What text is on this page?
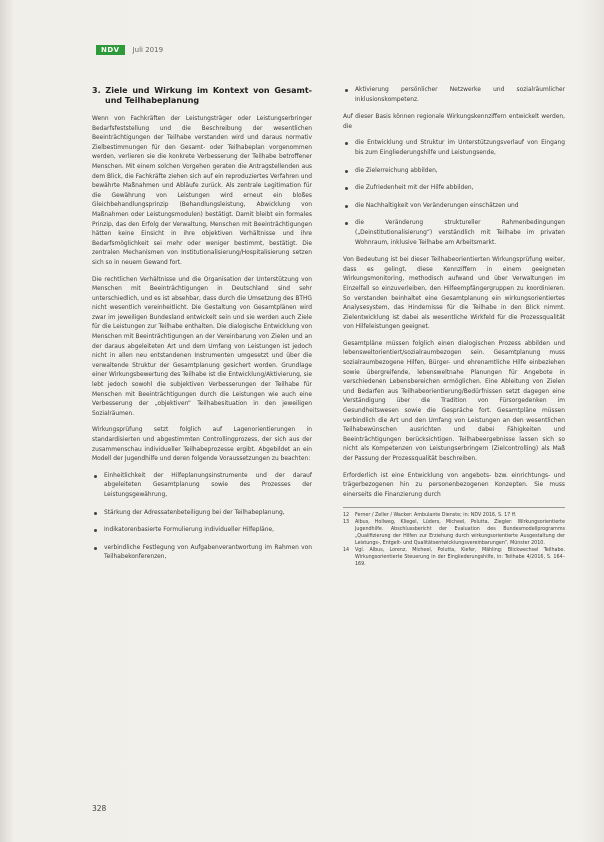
NDV	Juli 2019
3. Ziele und Wirkung im Kontext von Gesamt- und Teilhabeplanung

Wenn von Fachkräften der Leistungsträger oder Leistungserbringer Bedarfsfeststellung und die Beschreibung der wesentlichen Beeinträchtigungen der Teilhabe verstanden wird und daraus normativ Zielbestimmungen für den Gesamt- oder Teilhabeplan vorgenommen werden, verlieren sie die konkrete Verbesserung der Teilhabe betroffener Menschen. Mit einem solchen Vorgehen geraten die Antragstellenden aus dem Blick, die Fachkräfte ziehen sich auf ein reproduziertes Verfahren und bewährte Maßnahmen und Abläufe zurück. Als zentrale Legitimation für die Gewährung von Leistungen wird erneut ein bloßes Gleichbehandlungsprinzip (Behandlungsleistung, Abwicklung von Maßnahmen oder Leistungsmodulen) bestätigt. Damit bleibt ein formales Prinzip, das den Erfolg der Verwaltung, Menschen mit Beeinträchtigungen hätten keine Einsicht in ihre objektiven Verhältnisse und ihre Bedarfsmöglichkeit sei mehr oder weniger bestimmt, bestätigt. Die zentralen Mechanismen von Institutionalisierung/Hospitalisierung setzen sich so in neuem Gewand fort.

Die rechtlichen Verhältnisse und die Organisation der Unterstützung von Menschen mit Beeinträchtigungen in Deutschland sind sehr unterschiedlich, und es ist absehbar, dass durch die Umsetzung des BTHG nicht wesentlich vereinheitlicht. Die Gestaltung von Gesamtplänen wird zwar im jeweiligen Bundesland entwickelt sein und sie werden auch Ziele für die Leistungen zur Teilhabe enthalten. Die dialogische Entwicklung von Menschen mit Beeinträchtigungen an der Vereinbarung von Zielen und an der daraus abgeleiteten Art und dem Umfang von Leistungen ist jedoch nicht in allen neu entstandenen Instrumenten umgesetzt und über die verwaltende Struktur der Gesamtplanung gesichert worden. Grundlage einer Wirkungsbewertung des Teilhabe ist die Entwicklung/Aktivierung, sie lebt jedoch sowohl die subjektiven Verbesserungen der Teilhabe für Menschen mit Beeinträchtigungen durch die Leistungen wie auch eine Verbesserung der „objektiven“ Teilhabesituation in den jeweiligen Sozialräumen.

Wirkungsprüfung setzt folglich auf Lagenorientierungen in standardisierten und abgestimmten Controllingprozess, der sich aus der zusammenschau individueller Teilhabeprozesse ergibt. Abgebildet an ein Modell der Jugendhilfe und deren folgende Voraussetzungen zu beachten:

Einheitlichkeit der Hilfeplanungsinstrumente und der darauf abgeleiteten Gesamtplanung sowie des Prozesses der Leistungsgewährung,
Stärkung der Adressatenbeteiligung bei der Teilhabeplanung,
Indikatorenbasierte Formulierung individueller Hilfepläne,
verbindliche Festlegung von Aufgabenverantwortung im Rahmen von Teilhabekonferenzen,
Aktivierung persönlicher Netzwerke und sozialräumlicher Inklusionskompetenz.

Auf dieser Basis können regionale Wirkungskennziffern entwickelt werden, die

die Entwicklung und Struktur im Unterstützungsverlauf von Eingang bis zum Eingliederungshilfe und Leistungsende,
die Zielerreichung abbilden,
die Zufriedenheit mit der Hilfe abbilden,
die Nachhaltigkeit von Veränderungen einschätzen und
die Veränderung struktureller Rahmenbedingungen („Deinstitutionalisierung“) verständlich mit Teilhabe im privaten Wohnraum, inklusive Teilhabe am Arbeitsmarkt.

Von Bedeutung ist bei dieser Teilhabeorientierten Wirkungsprüfung weiter, dass es gelingt, diese Kennziffern in einem geeigneten Wirkungsmonitoring, methodisch aufwand und über Verwaltungen im Einzelfall so einzuverleiben, den Hilfeempfängergruppen zu koordinieren. So verstanden beinhaltet eine Gesamtplanung ein wirkungsorientiertes Analysesystem, das Hindernisse für die Teilhabe in den Blick nimmt. Zielentwicklung ist dabei als wesentliche Wirkfeld für die Prozessqualität von Hilfeleistungen geeignet.

Gesamtpläne müssen folglich einen dialogischen Prozess abbilden und lebensweltorientiert/sozialraumbezogen sein. Gesamtplanung muss sozialraumbezogene Hilfen, Bürger- und ehrenamtliche Hilfe einbeziehen sowie übergreifende, lebensweltnahe Planungen für Angebote in verschiedenen Lebensbereichen ermöglichen. Eine Ableitung von Zielen und Bedarfen aus Teilhabeorientierung/Bedürfnissen setzt dagegen eine Verständigung über die Tradition von Fürsorgedenken im Gesundheitswesen sowie die Gespräche fort. Gesamtpläne müssen verbindlich die Art und den Umfang von Leistungen an den wesentlichen Teilhabewünschen ausrichten und dabei Fähigkeiten und Beeinträchtigungen berücksichtigen. Teilhabeergebnisse lassen sich so nicht als Kompetenzen von Leistungserbringern (Zielcontrolling) als Maß der Passung der Prozessqualität beschreiben.

Erforderlich ist eine Entwicklung von angebots- bzw. einrichtungs- und trägerbezogenen hin zu personenbezogenen Konzepten. Sie muss einerseits die Finanzierung durch

12	Ferner / Zeller / Wacker: Ambulante Dienste; in: NDV 2016, S. 17 ff.
13	Albus, Hollweg, Kliegel, Lüders, Micheel, Polutta, Ziegler: Wirkungsorientierte Jugendhilfe. Abschlussbericht der Evaluation des Bundesmodellprogramms „Qualifizierung der Hilfen zur Erziehung durch wirkungsorientierte Ausgestaltung der Leistungs-, Entgelt- und Qualitätsentwicklungsvereinbarungen“, Münster 2010.
14	Vgl. Albus, Lorenz, Micheel, Polutta, Kiefer, Mähling: Blickwechsel Teilhabe. Wirkungsorientierte Steuerung in der Eingliederungshilfe, in: Teilhabe 4/2016, S. 164–169.
328
